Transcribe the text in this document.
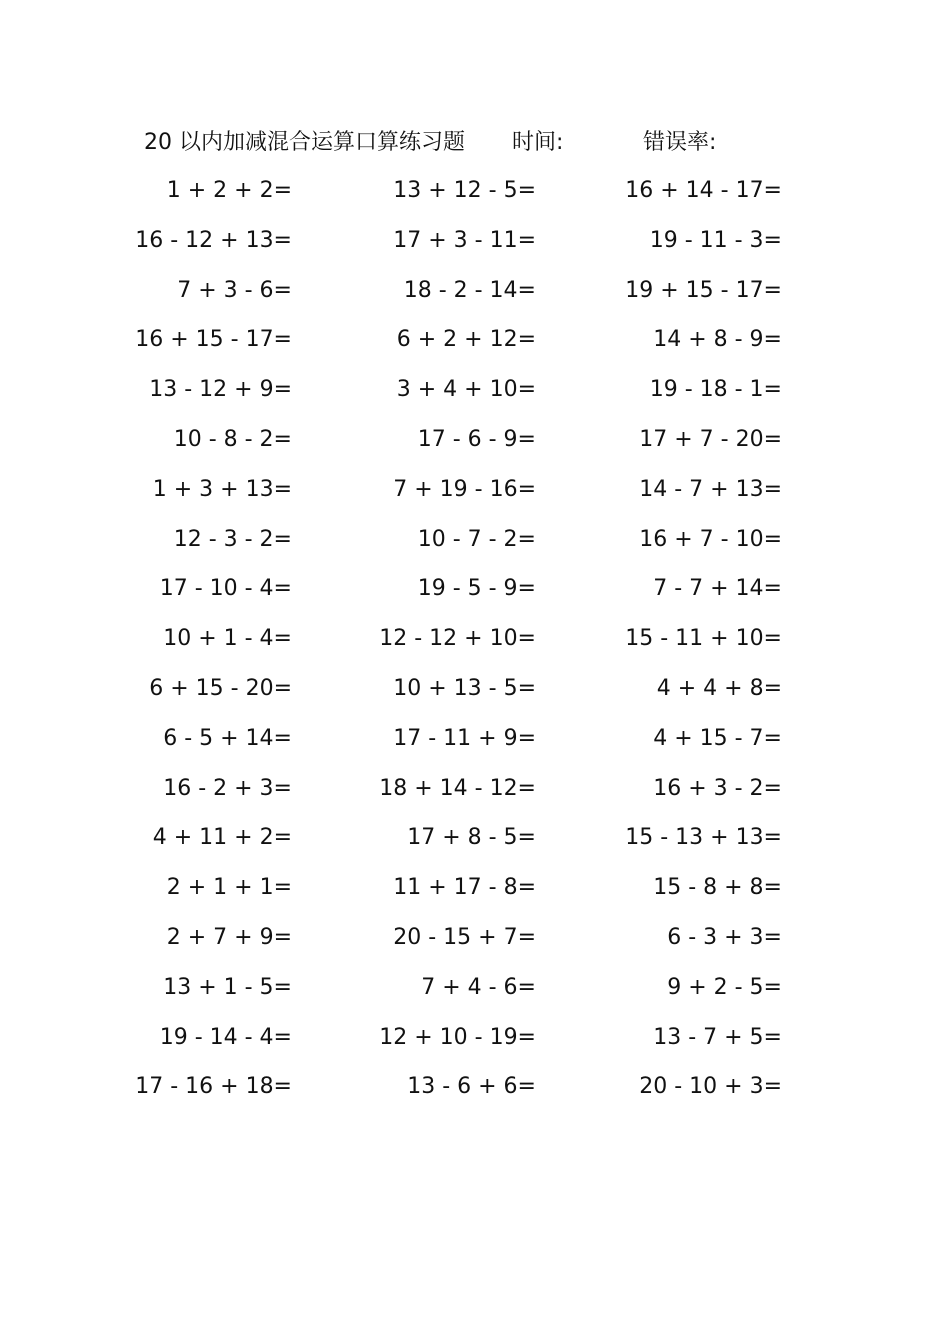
20 以内加减混合运算口算练习题 时间:	错误率:
1 + 2 + 2=	13 + 12 - 5=	16 + 14 - 17=
16 - 12 + 13=	17 + 3 - 11=	19 - 11 - 3=
7 + 3 - 6=	18 - 2 - 14=	19 + 15 - 17=
16 + 15 - 17=	6 + 2 + 12=	14 + 8 - 9=
13 - 12 + 9=	3 + 4 + 10=	19 - 18 - 1=
10 - 8 - 2=	17 - 6 - 9=	17 + 7 - 20=
1 + 3 + 13=	7 + 19 - 16=	14 - 7 + 13=
12 - 3 - 2=	10 - 7 - 2=	16 + 7 - 10=
17 - 10 - 4=	19 - 5 - 9=	7 - 7 + 14=
10 + 1 - 4=	12 - 12 + 10=	15 - 11 + 10=
6 + 15 - 20=	10 + 13 - 5=	4 + 4 + 8=
6 - 5 + 14=	17 - 11 + 9=	4 + 15 - 7=
16 - 2 + 3=	18 + 14 - 12=	16 + 3 - 2=
4 + 11 + 2=	17 + 8 - 5=	15 - 13 + 13=
2 + 1 + 1=	11 + 17 - 8=	15 - 8 + 8=
2 + 7 + 9=	20 - 15 + 7=	6 - 3 + 3=
13 + 1 - 5=	7 + 4 - 6=	9 + 2 - 5=
19 - 14 - 4=	12 + 10 - 19=	13 - 7 + 5=
17 - 16 + 18=	13 - 6 + 6=	20 - 10 + 3=
